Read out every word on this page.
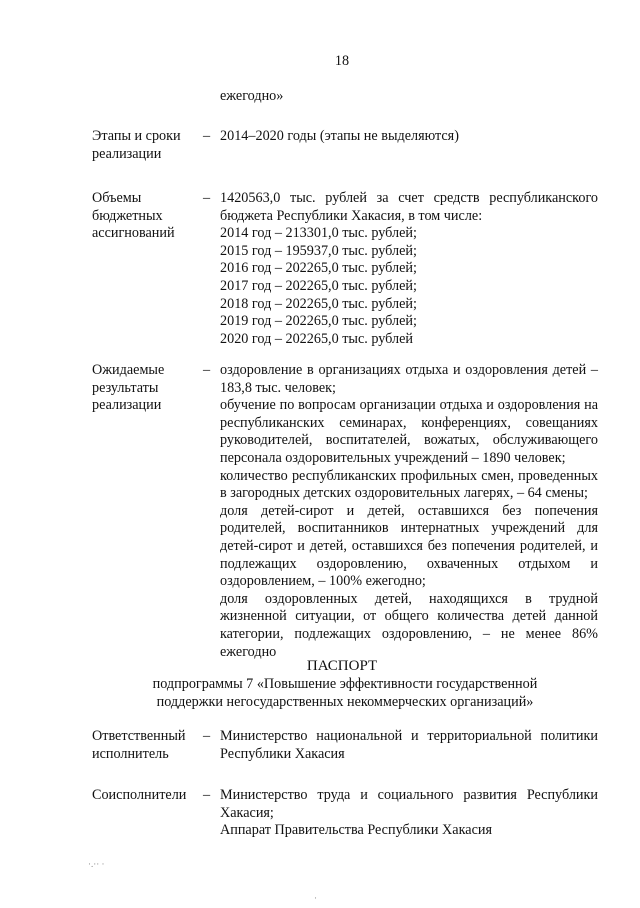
18
ежегодно»
Этапы и сроки
реализации
– 2014–2020 годы (этапы не выделяются)
Объемы
бюджетных
ассигнований
– 1420563,0 тыс. рублей за счет средств республиканского
бюджета Республики Хакасия, в том числе:
2014 год – 213301,0 тыс. рублей;
2015 год – 195937,0 тыс. рублей;
2016 год – 202265,0 тыс. рублей;
2017 год – 202265,0 тыс. рублей;
2018 год – 202265,0 тыс. рублей;
2019 год – 202265,0 тыс. рублей;
2020 год – 202265,0 тыс. рублей
Ожидаемые
результаты
реализации
– оздоровление в организациях отдыха и оздоровления детей –
183,8 тыс. человек;
обучение по вопросам организации отдыха и оздоровления на
республиканских семинарах, конференциях, совещаниях
руководителей, воспитателей, вожатых, обслуживающего
персонала оздоровительных учреждений – 1890 человек;
количество республиканских профильных смен, проведенных
в загородных детских оздоровительных лагерях, – 64 смены;
доля детей-сирот и детей, оставшихся без попечения
родителей, воспитанников интернатных учреждений для
детей-сирот и детей, оставшихся без попечения родителей, и
подлежащих оздоровлению, охваченных отдыхом и
оздоровлением, – 100% ежегодно;
доля оздоровленных детей, находящихся в трудной
жизненной ситуации, от общего количества детей данной
категории, подлежащих оздоровлению, – не менее 86%
ежегодно
ПАСПОРТ
подпрограммы 7 «Повышение эффективности государственной
поддержки негосударственных некоммерческих организаций»
Ответственный
исполнитель
– Министерство национальной и территориальной политики
Республики Хакасия
Соисполнители	– Министерство труда и социального развития Республики
Хакасия;
Аппарат Правительства Республики Хакасия
·.·· ·
·
